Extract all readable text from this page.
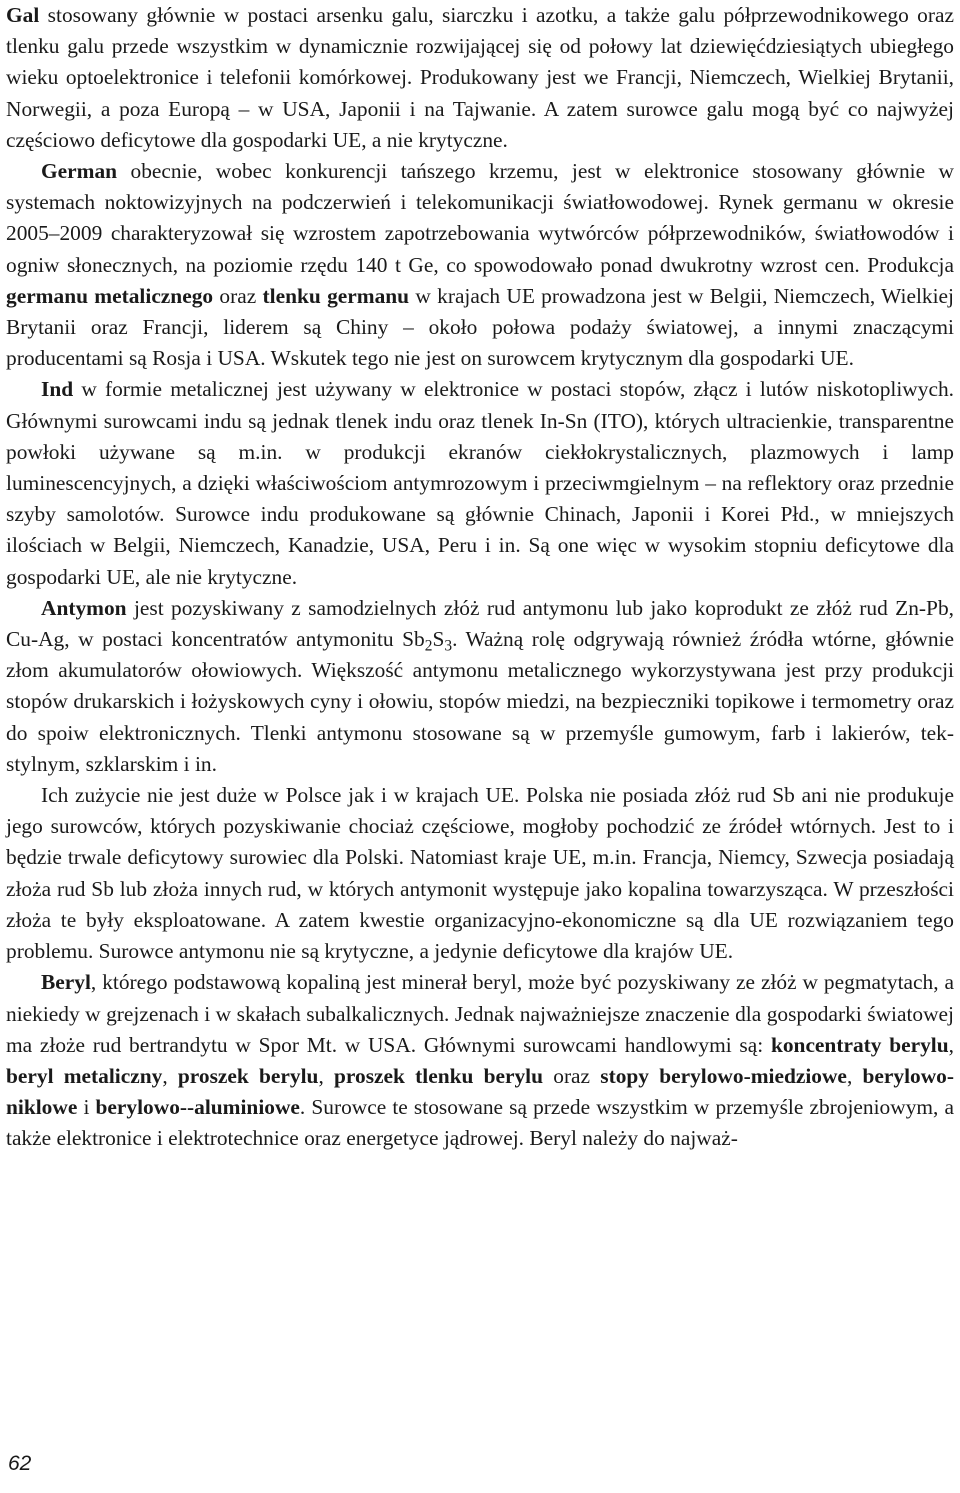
Gal stosowany głównie w postaci arsenku galu, siarczku i azotku, a także galu półprzewodnikowego oraz tlenku galu przede wszystkim w dynamicznie rozwijającej się od połowy lat dziewięćdziesiątych ubiegłego wieku optoelektronice i telefonii komórkowej. Produkowany jest we Francji, Niemczech, Wielkiej Brytanii, Norwegii, a poza Europą – w USA, Japonii i na Tajwanie. A zatem surowce galu mogą być co najwyżej częściowo deficytowe dla gospodarki UE, a nie krytyczne.

German obecnie, wobec konkurencji tańszego krzemu, jest w elektronice stosowany głównie w systemach noktowizyjnych na podczerwień i telekomunikacji światłowodowej. Rynek germanu w okresie 2005–2009 charakteryzował się wzrostem zapotrzebowania wytwórców półprzewodników, światłowodów i ogniw słonecznych, na poziomie rzędu 140 t Ge, co spowodowało ponad dwukrotny wzrost cen. Produkcja germanu metalicznego oraz tlenku germanu w krajach UE prowadzona jest w Belgii, Niemczech, Wielkiej Brytanii oraz Francji, liderem są Chiny – około połowa podaży światowej, a innymi znaczącymi producentami są Rosja i USA. Wskutek tego nie jest on surowcem krytycznym dla gospodarki UE.

Ind w formie metalicznej jest używany w elektronice w postaci stopów, złącz i lutów niskotopliwych. Głównymi surowcami indu są jednak tlenek indu oraz tlenek In-Sn (ITO), których ultracienkie, transparentne powłoki używane są m.in. w produkcji ekranów ciekłokrystalicznych, plazmowych i lamp luminescencyjnych, a dzięki właściwościom antymrozowym i przeciwmgielnym – na reflektory oraz przednie szyby samolotów. Surowce indu produkowane są głównie Chinach, Japonii i Korei Płd., w mniejszych ilościach w Belgii, Niemczech, Kanadzie, USA, Peru i in. Są one więc w wysokim stopniu deficytowe dla gospodarki UE, ale nie krytyczne.

Antymon jest pozyskiwany z samodzielnych złóż rud antymonu lub jako koprodukt ze złóż rud Zn-Pb, Cu-Ag, w postaci koncentratów antymonitu $Sb_2S_3$. Ważną rolę odgrywają również źródła wtórne, głównie złom akumulatorów ołowiowych. Większość antymonu metalicznego wykorzystywana jest przy produkcji stopów drukarskich i łożyskowych cyny i ołowiu, stopów miedzi, na bezpieczniki topikowe i termometry oraz do spoiw elektronicznych. Tlenki antymonu stosowane są w przemyśle gumowym, farb i lakierów, tekstylnym, szklarskim i in.

Ich zużycie nie jest duże w Polsce jak i w krajach UE. Polska nie posiada złóż rud Sb ani nie produkuje jego surowców, których pozyskiwanie chociaż częściowe, mogłoby pochodzić ze źródeł wtórnych. Jest to i będzie trwale deficytowy surowiec dla Polski. Natomiast kraje UE, m.in. Francja, Niemcy, Szwecja posiadają złoża rud Sb lub złoża innych rud, w których antymonit występuje jako kopalina towarzysząca. W przeszłości złoża te były eksploatowane. A zatem kwestie organizacyjno-ekonomiczne są dla UE rozwiązaniem tego problemu. Surowce antymonu nie są krytyczne, a jedynie deficytowe dla krajów UE.

Beryl, którego podstawową kopaliną jest minerał beryl, może być pozyskiwany ze złóż w pegmatytach, a niekiedy w grejzenach i w skałach subalkalicznych. Jednak najważniejsze znaczenie dla gospodarki światowej ma złoże rud bertrandytu w Spor Mt. w USA. Głównymi surowcami handlowymi są: koncentraty berylu, beryl metaliczny, proszek berylu, proszek tlenku berylu oraz stopy berylowo-miedziowe, berylowo-niklowe i berylowo--aluminiowe. Surowce te stosowane są przede wszystkim w przemyśle zbrojeniowym, a także elektronice i elektrotechnice oraz energetyce jądrowej. Beryl należy do najważ-

62
